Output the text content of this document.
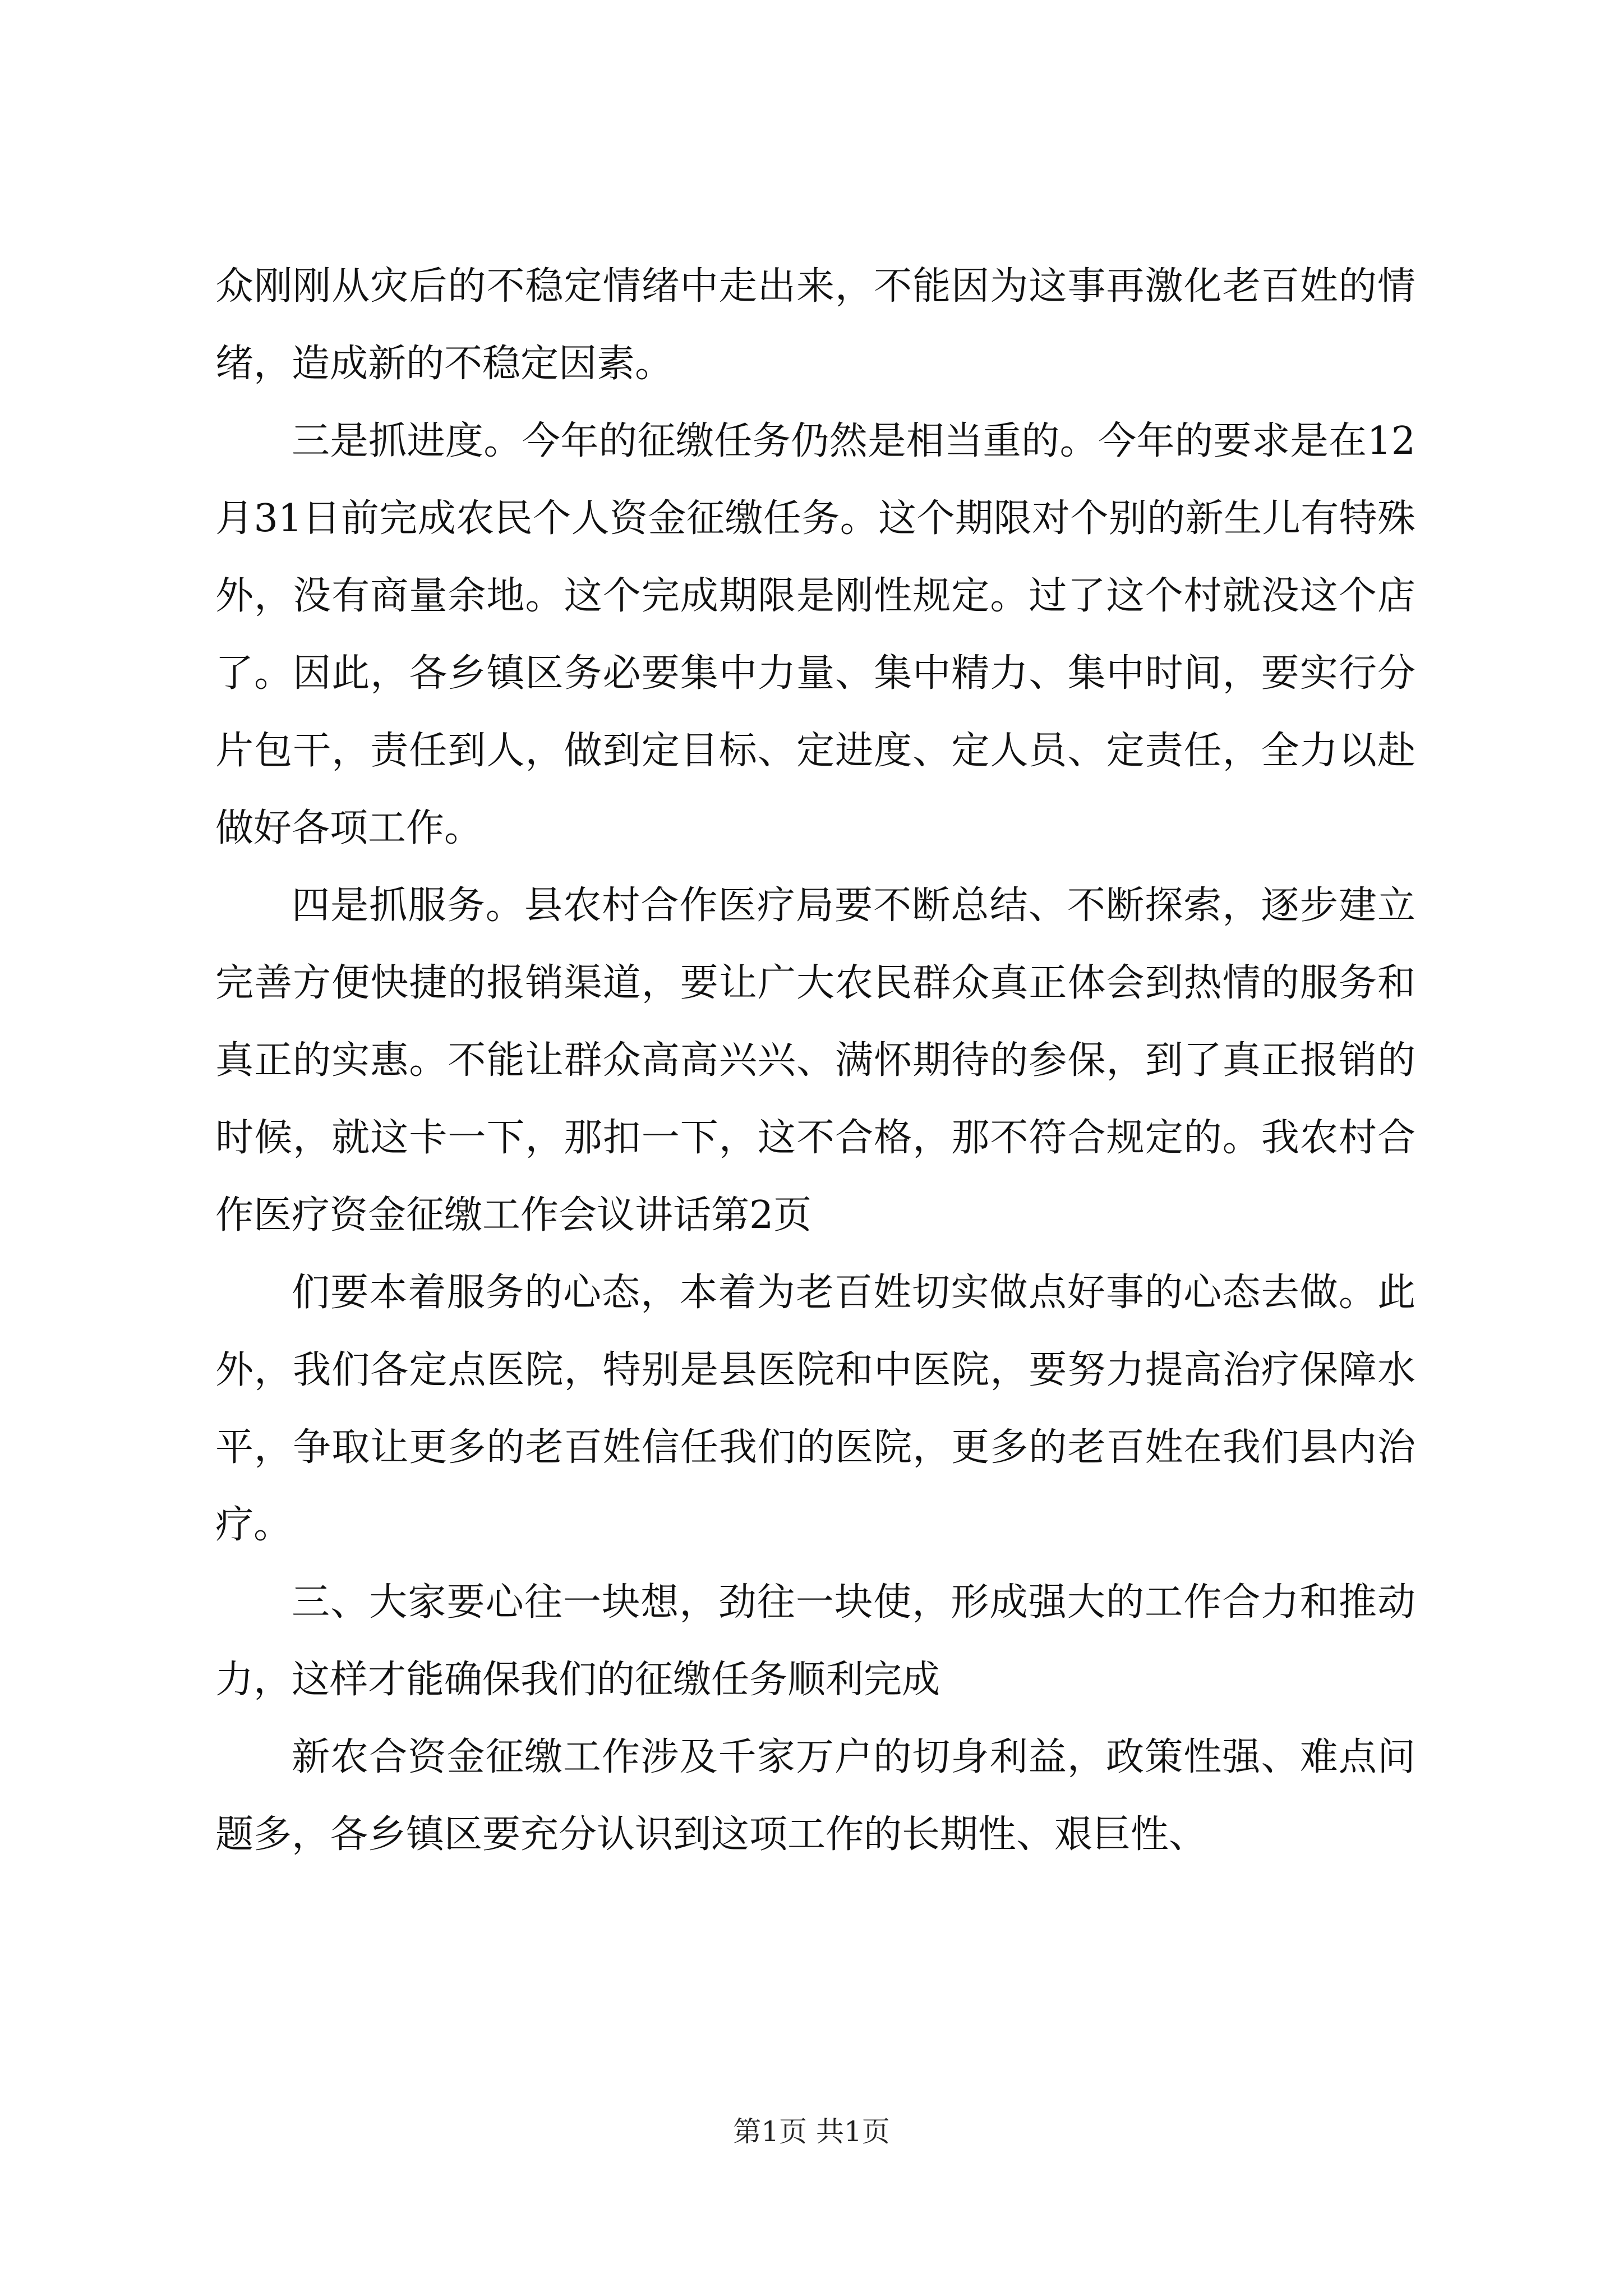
众刚刚从灾后的不稳定情绪中走出来，不能因为这事再激化老百姓的情绪，造成新的不稳定因素。

三是抓进度。今年的征缴任务仍然是相当重的。今年的要求是在12月31日前完成农民个人资金征缴任务。这个期限对个别的新生儿有特殊外，没有商量余地。这个完成期限是刚性规定。过了这个村就没这个店了。因此，各乡镇区务必要集中力量、集中精力、集中时间，要实行分片包干，责任到人，做到定目标、定进度、定人员、定责任，全力以赴做好各项工作。

四是抓服务。县农村合作医疗局要不断总结、不断探索，逐步建立完善方便快捷的报销渠道，要让广大农民群众真正体会到热情的服务和真正的实惠。不能让群众高高兴兴、满怀期待的参保，到了真正报销的时候，就这卡一下，那扣一下，这不合格，那不符合规定的。我农村合作医疗资金征缴工作会议讲话第2页

们要本着服务的心态，本着为老百姓切实做点好事的心态去做。此外，我们各定点医院，特别是县医院和中医院，要努力提高治疗保障水平，争取让更多的老百姓信任我们的医院，更多的老百姓在我们县内治疗。

三、大家要心往一块想，劲往一块使，形成强大的工作合力和推动力，这样才能确保我们的征缴任务顺利完成

新农合资金征缴工作涉及千家万户的切身利益，政策性强、难点问题多，各乡镇区要充分认识到这项工作的长期性、艰巨性、

第1页 共1页
